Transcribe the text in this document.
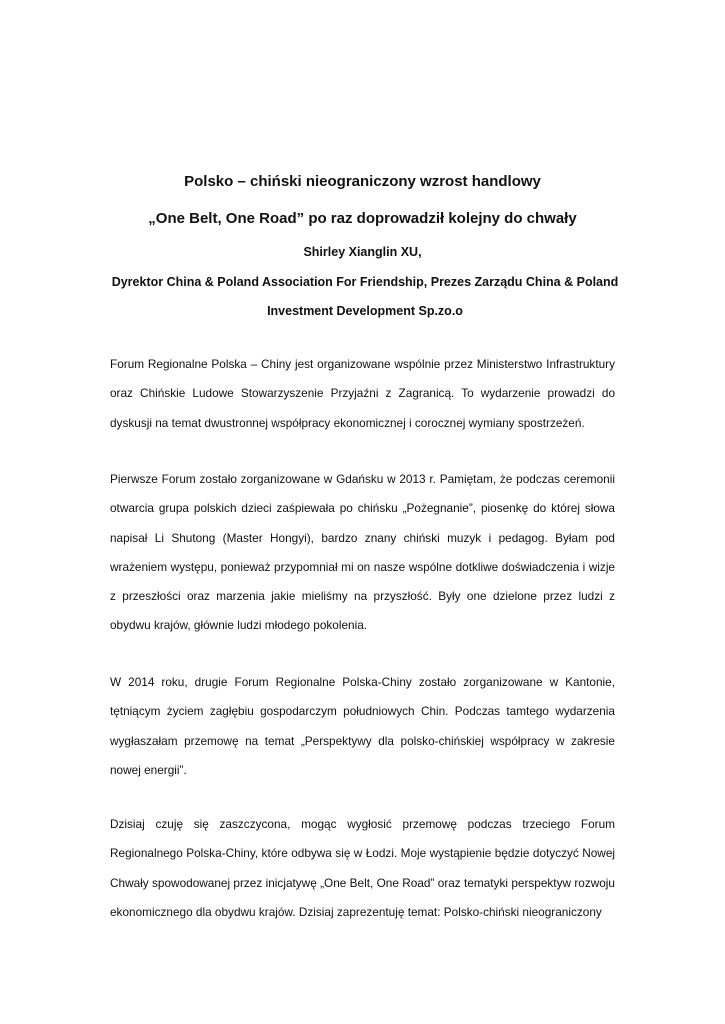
Polsko – chiński nieograniczony wzrost handlowy
„One Belt, One Road” po raz doprowadził kolejny do chwały
Shirley Xianglin XU,
Dyrektor China & Poland Association For Friendship, Prezes Zarządu China & Poland Investment Development Sp.zo.o

Forum Regionalne Polska – Chiny jest organizowane wspólnie przez Ministerstwo Infrastruktury oraz Chińskie Ludowe Stowarzyszenie Przyjaźni z Zagranicą. To wydarzenie prowadzi do dyskusji na temat dwustronnej współpracy ekonomicznej i corocznej wymiany spostrzeżeń.

Pierwsze Forum zostało zorganizowane w Gdańsku w 2013 r. Pamiętam, że podczas ceremonii otwarcia grupa polskich dzieci zaśpiewała po chińsku „Pożegnanie”, piosenkę do której słowa napisał Li Shutong (Master Hongyi), bardzo znany chiński muzyk i pedagog. Byłam pod wrażeniem występu, ponieważ przypomniał mi on nasze wspólne dotkliwe doświadczenia i wizje z przeszłości oraz marzenia jakie mieliśmy na przyszłość. Były one dzielone przez ludzi z obydwu krajów, głównie ludzi młodego pokolenia.

W 2014 roku, drugie Forum Regionalne Polska-Chiny zostało zorganizowane w Kantonie, tętniącym życiem zagłębiu gospodarczym południowych Chin. Podczas tamtego wydarzenia wygłaszałam przemowę na temat „Perspektywy dla polsko-chińskiej współpracy w zakresie nowej energii”.

Dzisiaj czuję się zaszczycona, mogąc wygłosić przemowę podczas trzeciego Forum Regionalnego Polska-Chiny, które odbywa się w Łodzi. Moje wystąpienie będzie dotyczyć Nowej Chwały spowodowanej przez inicjatywę „One Belt, One Road” oraz tematyki perspektyw rozwoju ekonomicznego dla obydwu krajów. Dzisiaj zaprezentuję temat: Polsko-chiński nieograniczony
